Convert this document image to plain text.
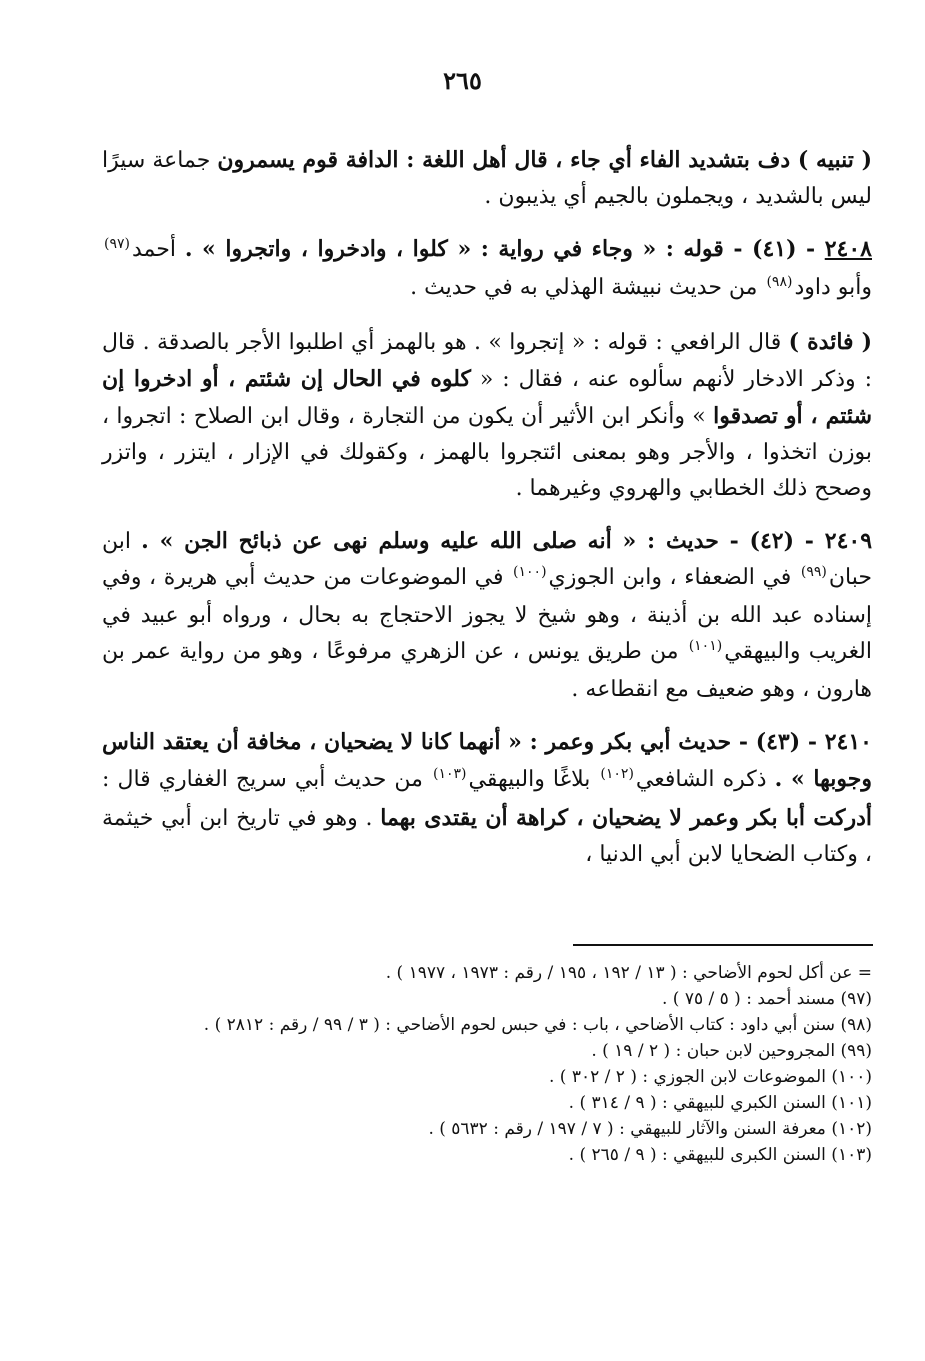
٢٦٥

( تنبيه ) دف بتشديد الفاء أي جاء ، قال أهل اللغة : الدافة قوم يسمرون جماعة سيرًا ليس بالشديد ، ويجملون بالجيم أي يذيبون .

٢٤٠٨ - (٤١) - قوله : « وجاء في رواية : « كلوا ، وادخروا ، واتجروا » . أحمد$^{(٩٧)}$ وأبو داود$^{(٩٨)}$ من حديث نبيشة الهذلي به في حديث .

( فائدة ) قال الرافعي : قوله : « إتجروا » . هو بالهمز أي اطلبوا الأجر بالصدقة . قال : وذكر الادخار لأنهم سألوه عنه ، فقال : « كلوه في الحال إن شئتم ، أو ادخروا إن شئتم ، أو تصدقوا » وأنكر ابن الأثير أن يكون من التجارة ، وقال ابن الصلاح : اتجروا ، بوزن اتخذوا ، والأجر وهو بمعنى ائتجروا بالهمز ، وكقولك في الإزار ، ايتزر ، واتزر وصحح ذلك الخطابي والهروي وغيرهما .

٢٤٠٩ - (٤٢) - حديث : « أنه صلى الله عليه وسلم نهى عن ذبائح الجن » . ابن حبان$^{(٩٩)}$ في الضعفاء ، وابن الجوزي$^{(١٠٠)}$ في الموضوعات من حديث أبي هريرة ، وفي إسناده عبد الله بن أذينة ، وهو شيخ لا يجوز الاحتجاج به بحال ، ورواه أبو عبيد في الغريب والبيهقي$^{(١٠١)}$ من طريق يونس ، عن الزهري مرفوعًا ، وهو من رواية عمر بن هارون ، وهو ضعيف مع انقطاعه .

٢٤١٠ - (٤٣) - حديث أبي بكر وعمر : « أنهما كانا لا يضحيان ، مخافة أن يعتقد الناس وجوبها » . ذكره الشافعي$^{(١٠٢)}$ بلاغًا والبيهقي$^{(١٠٣)}$ من حديث أبي سريج الغفاري قال : أدركت أبا بكر وعمر لا يضحيان ، كراهة أن يقتدى بهما . وهو في تاريخ ابن أبي خيثمة ، وكتاب الضحايا لابن أبي الدنيا ،

= عن أكل لحوم الأضاحي : ( ١٣ / ١٩٢ ، ١٩٥ / رقم : ١٩٧٣ ، ١٩٧٧ ) .

(٩٧) مسند أحمد : ( ٥ / ٧٥ ) .

(٩٨) سنن أبي داود : كتاب الأضاحي ، باب : في حبس لحوم الأضاحي : ( ٣ / ٩٩ / رقم : ٢٨١٢ ) .

(٩٩) المجروحين لابن حبان : ( ٢ / ١٩ ) .

(١٠٠) الموضوعات لابن الجوزي : ( ٢ / ٣٠٢ ) .

(١٠١) السنن الكبري للبيهقي : ( ٩ / ٣١٤ ) .

(١٠٢) معرفة السنن والآثار للبيهقي : ( ٧ / ١٩٧ / رقم : ٥٦٣٢ ) .

(١٠٣) السنن الكبرى للبيهقي : ( ٩ / ٢٦٥ ) .
